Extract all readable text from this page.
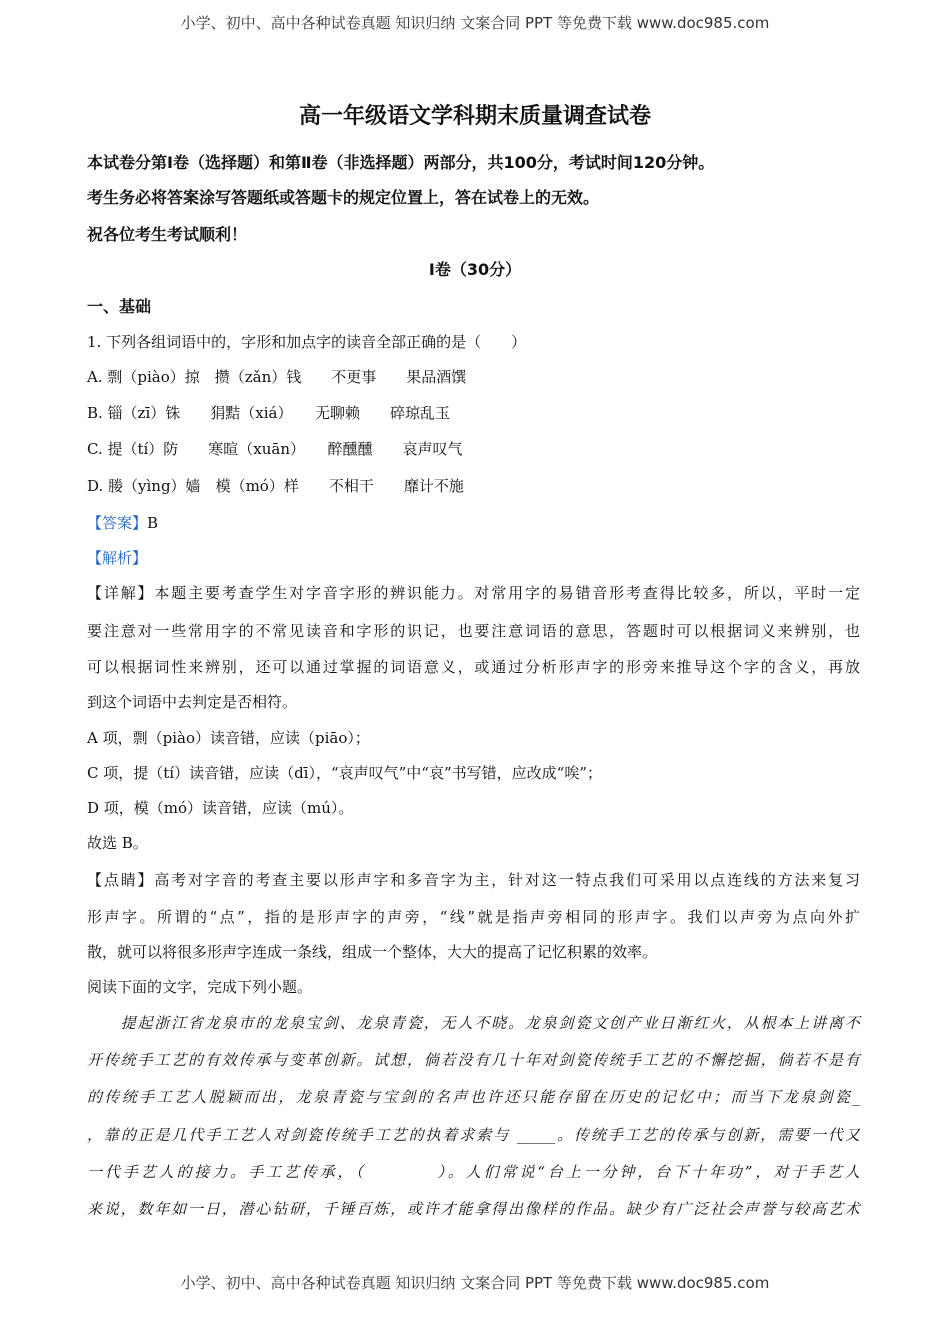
小学、初中、高中各种试卷真题 知识归纳 文案合同 PPT 等免费下载 www.doc985.com
高一年级语文学科期末质量调查试卷
本试卷分第Ⅰ卷（选择题）和第Ⅱ卷（非选择题）两部分，共100分，考试时间120分钟。
考生务必将答案涂写答题纸或答题卡的规定位置上，答在试卷上的无效。
祝各位考生考试顺利！
Ⅰ卷（30分）
一、基础
1. 下列各组词语中的，字形和加点字的读音全部正确的是（　　）
A. 剽（piào）掠　攒（zǎn）钱　　不更事　　果品酒馔
B. 锱（zī）铢　　狷黠（xiá）　　无聊赖　　碎琼乱玉
C. 提（tí）防　　寒暄（xuān）　　醉醺醺　　哀声叹气
D. 媵（yìng）嫱　模（mó）样　　不相干　　靡计不施
【答案】B
【解析】
【详解】本题主要考查学生对字音字形的辨识能力。对常用字的易错音形考查得比较多，所以，平时一定
要注意对一些常用字的不常见读音和字形的识记，也要注意词语的意思，答题时可以根据词义来辨别，也
可以根据词性来辨别，还可以通过掌握的词语意义，或通过分析形声字的形旁来推导这个字的含义，再放
到这个词语中去判定是否相符。
A 项，剽（piào）读音错，应读（piāo）；
C 项，提（tí）读音错，应读（dī），“哀声叹气”中“哀”书写错，应改成“唉”；
D 项，模（mó）读音错，应读（mú）。
故选 B。
【点睛】高考对字音的考查主要以形声字和多音字为主，针对这一特点我们可采用以点连线的方法来复习
形声字。所谓的“点”，指的是形声字的声旁，“线”就是指声旁相同的形声字。我们以声旁为点向外扩
散，就可以将很多形声字连成一条线，组成一个整体，大大的提高了记忆积累的效率。
阅读下面的文字，完成下列小题。
　　提起浙江省龙泉市的龙泉宝剑、龙泉青瓷，无人不晓。龙泉剑瓷文创产业日渐红火，从根本上讲离不
开传统手工艺的有效传承与变革创新。试想，倘若没有几十年对剑瓷传统手工艺的不懈挖掘，倘若不是有
的传统手工艺人脱颖而出，龙泉青瓷与宝剑的名声也许还只能存留在历史的记忆中；而当下龙泉剑瓷_
，靠的正是几代手工艺人对剑瓷传统手工艺的执着求索与 _____。传统手工艺的传承与创新，需要一代又
一代手艺人的接力。手工艺传承，（　　　　）。人们常说“台上一分钟，台下十年功”，对于手艺人
来说，数年如一日，潜心钻研，千锤百炼，或许才能拿得出像样的作品。缺少有广泛社会声誉与较高艺术
小学、初中、高中各种试卷真题 知识归纳 文案合同 PPT 等免费下载 www.doc985.com
